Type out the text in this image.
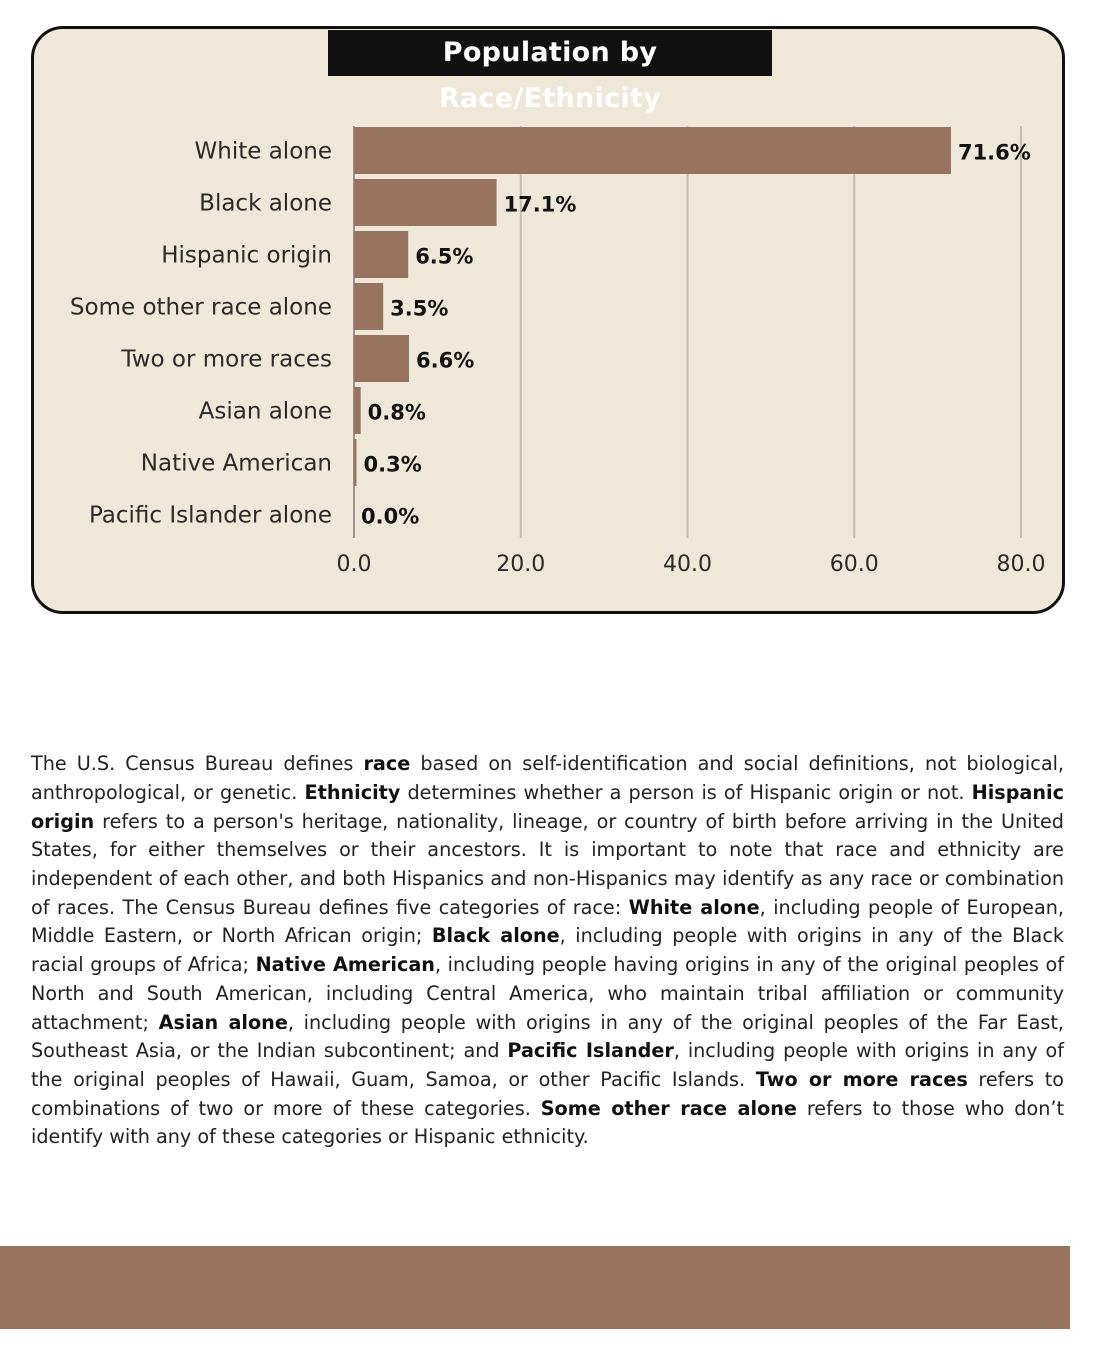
White alone	71.6%
Black alone	17.1%
Hispanic origin	6.5%
Some other race alone	3.5%
Two or more races	6.6%
Asian alone 0.8%
Native American 0.3%
Pacific Islander alone 0.0%
0.0	20.0	40.0	60.0	80.0
Population by Race/Ethnicity

The U.S. Census Bureau defines race based on self-identification and social definitions, not biological, anthropological, or genetic. Ethnicity determines whether a person is of Hispanic origin or not. Hispanic origin refers to a person's heritage, nationality, lineage, or country of birth before arriving in the United States, for either themselves or their ancestors. It is important to note that race and ethnicity are independent of each other, and both Hispanics and non-Hispanics may identify as any race or combination of races. The Census Bureau defines five categories of race: White alone, including people of European, Middle Eastern, or North African origin; Black alone, including people with origins in any of the Black racial groups of Africa; Native American, including people having origins in any of the original peoples of North and South American, including Central America, who maintain tribal affiliation or community attachment; Asian alone, including people with origins in any of the original peoples of the Far East, Southeast Asia, or the Indian subcontinent; and Pacific Islander, including people with origins in any of the original peoples of Hawaii, Guam, Samoa, or other Pacific Islands. Two or more races refers to combinations of two or more of these categories. Some other race alone refers to those who don’t identify with any of these categories or Hispanic ethnicity.
